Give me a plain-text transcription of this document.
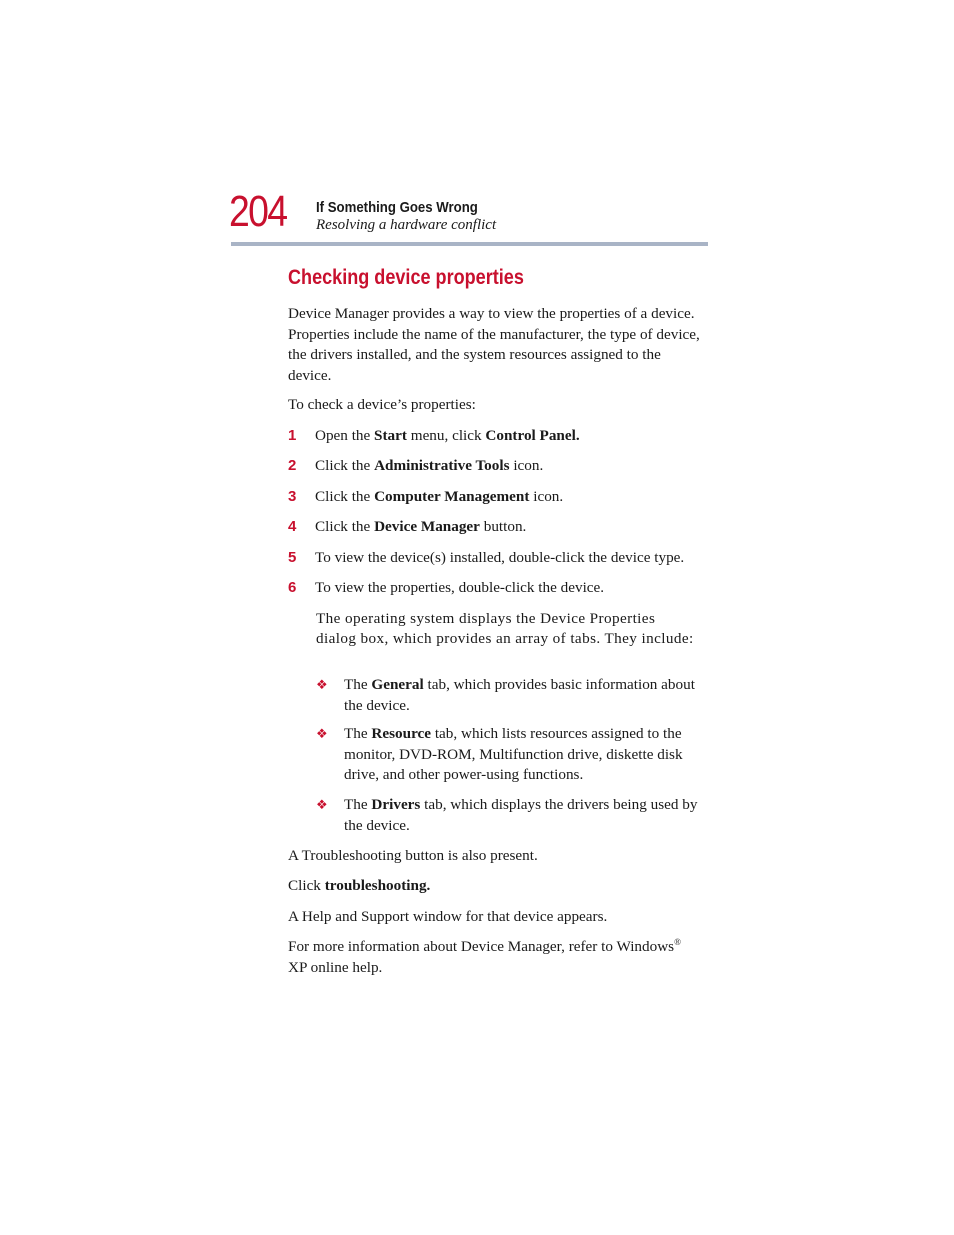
204 If Something Goes Wrong
Resolving a hardware conflict
Checking device properties
Device Manager provides a way to view the properties of a device. Properties include the name of the manufacturer, the type of device, the drivers installed, and the system resources assigned to the device.
To check a device’s properties:
1 Open the Start menu, click Control Panel.
2 Click the Administrative Tools icon.
3 Click the Computer Management icon.
4 Click the Device Manager button.
5 To view the device(s) installed, double-click the device type.
6 To view the properties, double-click the device.
The operating system displays the Device Properties dialog box, which provides an array of tabs. They include:
❖ The General tab, which provides basic information about the device.
❖ The Resource tab, which lists resources assigned to the monitor, DVD-ROM, Multifunction drive, diskette disk drive, and other power-using functions.
❖ The Drivers tab, which displays the drivers being used by the device.
A Troubleshooting button is also present.
Click troubleshooting.
A Help and Support window for that device appears.
For more information about Device Manager, refer to Windows®
XP online help.
